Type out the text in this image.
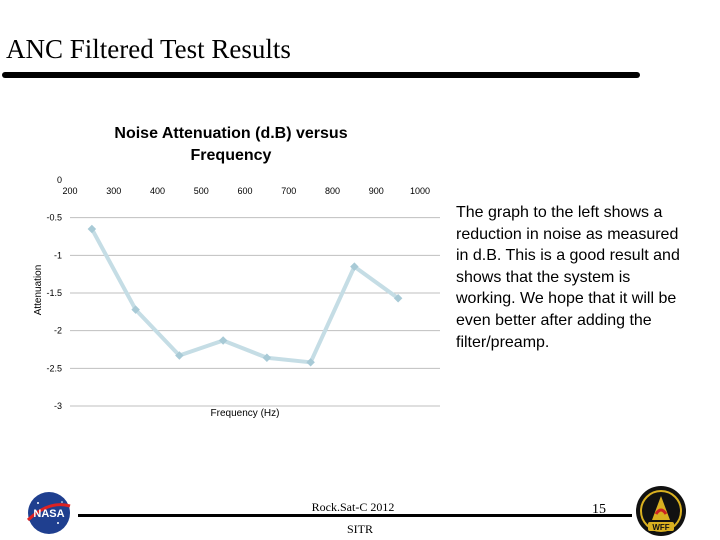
ANC Filtered Test Results
Noise Attenuation (d.B) versus Frequency
0
-0.5
-1
-1.5
-2
-2.5
-3
200	300	400	500	600	700	800	900	1000
Frequency (Hz)
Attenuation
The graph to the left shows a reduction in noise as measured in d.B. This is a good result and shows that the system is working. We hope that it will be even better after adding the filter/preamp.
NASA	Rock.Sat-C 2012
SITR
15
WFF
